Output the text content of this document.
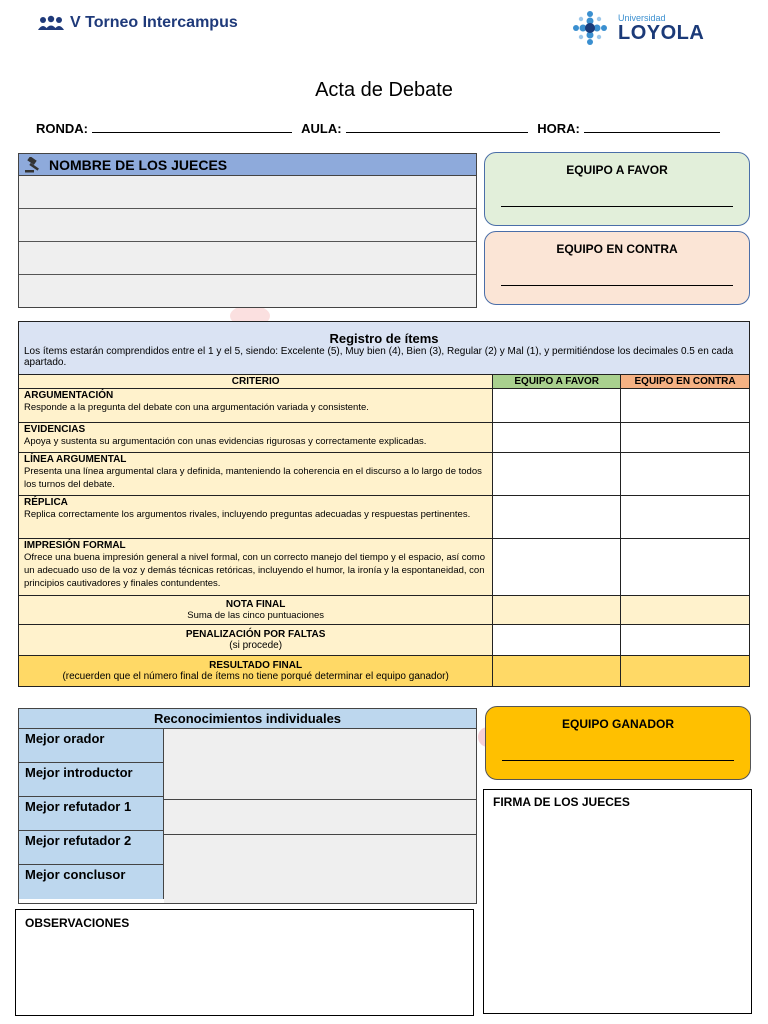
V Torneo Intercampus	Universidad
LOYOLA
Acta de Debate
RONDA:	AULA:	HORA:
NOMBRE DE LOS JUECES	EQUIPO A FAVOR
EQUIPO EN CONTRA
Registro de ítems
Los ítems estarán comprendidos entre el 1 y el 5, siendo: Excelente (5), Muy bien (4), Bien (3), Regular (2) y Mal (1), y permitiéndose los decimales 0.5 en cada apartado.		
CRITERIO	EQUIPO A FAVOR	EQUIPO EN CONTRA
ARGUMENTACIÓN
Responde a la pregunta del debate con una argumentación variada y consistente.		

EVIDENCIAS
Apoya y sustenta su argumentación con unas evidencias rigurosas y correctamente explicadas.		

LÍNEA ARGUMENTAL
Presenta una línea argumental clara y definida, manteniendo la coherencia en el discurso a lo largo de todos los turnos del debate.		

RÉPLICA
Replica correctamente los argumentos rivales, incluyendo preguntas adecuadas y respuestas pertinentes.		

IMPRESIÓN FORMAL
Ofrece una buena impresión general a nivel formal, con un correcto manejo del tiempo y el espacio, así como un adecuado uso de la voz y demás técnicas retóricas, incluyendo el humor, la ironía y la espontaneidad, con principios cautivadores y finales contundentes.		

NOTA FINAL
Suma de las cinco puntuaciones		

PENALIZACIÓN POR FALTAS
(si procede)		

RESULTADO FINAL
(recuerden que el número final de ítems no tiene porqué determinar el equipo ganador)		

Reconocimientos individuales
Mejor orador
Mejor introductor
Mejor refutador 1
Mejor refutador 2
Mejor conclusor
EQUIPO GANADOR
FIRMA DE LOS JUECES
OBSERVACIONES
